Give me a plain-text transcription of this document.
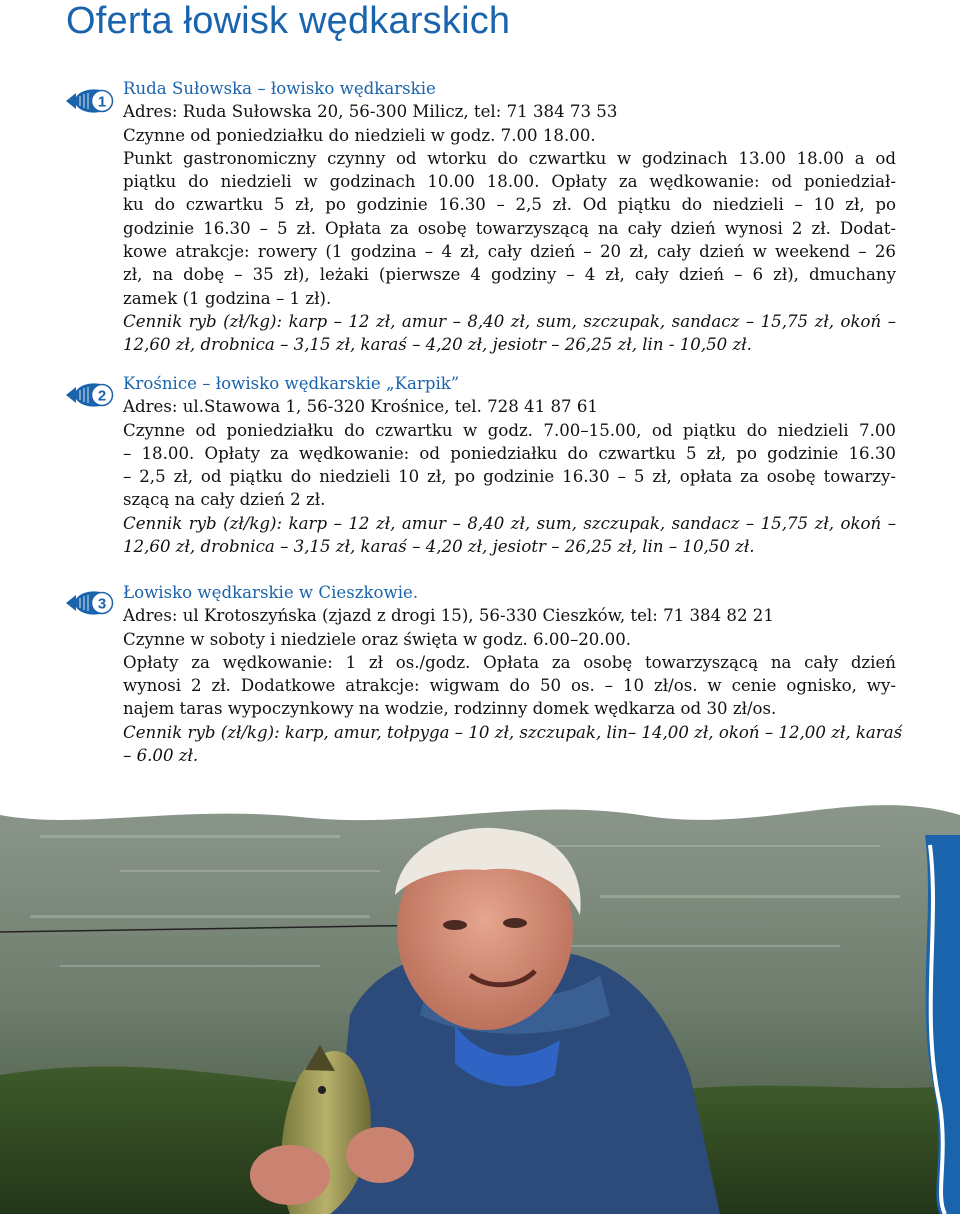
Oferta łowisk wędkarskich
1
Ruda Sułowska – łowisko wędkarskie
Adres: Ruda Sułowska 20, 56-300 Milicz, tel: 71 384 73 53
Czynne od poniedziałku do niedzieli w godz. 7.00 18.00.
Punkt gastronomiczny czynny od wtorku do czwartku w godzinach 13.00 18.00 a od
piątku do niedzieli w godzinach 10.00 18.00. Opłaty za wędkowanie: od poniedział-
ku do czwartku 5 zł, po godzinie 16.30 – 2,5 zł. Od piątku do niedzieli – 10 zł, po
godzinie 16.30 – 5 zł. Opłata za osobę towarzyszącą na cały dzień wynosi 2 zł. Dodat-
kowe atrakcje: rowery (1 godzina – 4 zł, cały dzień – 20 zł, cały dzień w weekend – 26
zł, na dobę – 35 zł), leżaki (pierwsze 4 godziny – 4 zł, cały dzień – 6 zł), dmuchany
zamek (1 godzina – 1 zł).
Cennik ryb (zł/kg): karp – 12 zł, amur – 8,40 zł, sum, szczupak, sandacz – 15,75 zł, okoń –
12,60 zł, drobnica – 3,15 zł, karaś – 4,20 zł, jesiotr – 26,25 zł, lin - 10,50 zł.
2
Krośnice – łowisko wędkarskie „Karpik”
Adres: ul.Stawowa 1, 56-320 Krośnice, tel. 728 41 87 61
Czynne od poniedziałku do czwartku w godz. 7.00–15.00, od piątku do niedzieli 7.00
– 18.00. Opłaty za wędkowanie: od poniedziałku do czwartku 5 zł, po godzinie 16.30
– 2,5 zł, od piątku do niedzieli 10 zł, po godzinie 16.30 – 5 zł, opłata za osobę towarzy-
szącą na cały dzień 2 zł.
Cennik ryb (zł/kg): karp – 12 zł, amur – 8,40 zł, sum, szczupak, sandacz – 15,75 zł, okoń –
12,60 zł, drobnica – 3,15 zł, karaś – 4,20 zł, jesiotr – 26,25 zł, lin – 10,50 zł.
3
Łowisko wędkarskie w Cieszkowie.
Adres: ul Krotoszyńska (zjazd z drogi 15), 56-330 Cieszków, tel: 71 384 82 21
Czynne w soboty i niedziele oraz święta w godz. 6.00–20.00.
Opłaty za wędkowanie: 1 zł os./godz. Opłata za osobę towarzyszącą na cały dzień
wynosi 2 zł. Dodatkowe atrakcje: wigwam do 50 os. – 10 zł/os. w cenie ognisko, wy-
najem taras wypoczynkowy na wodzie, rodzinny domek wędkarza od 30 zł/os.
Cennik ryb (zł/kg): karp, amur, tołpyga – 10 zł, szczupak, lin– 14,00 zł, okoń – 12,00 zł, karaś
– 6.00 zł.
